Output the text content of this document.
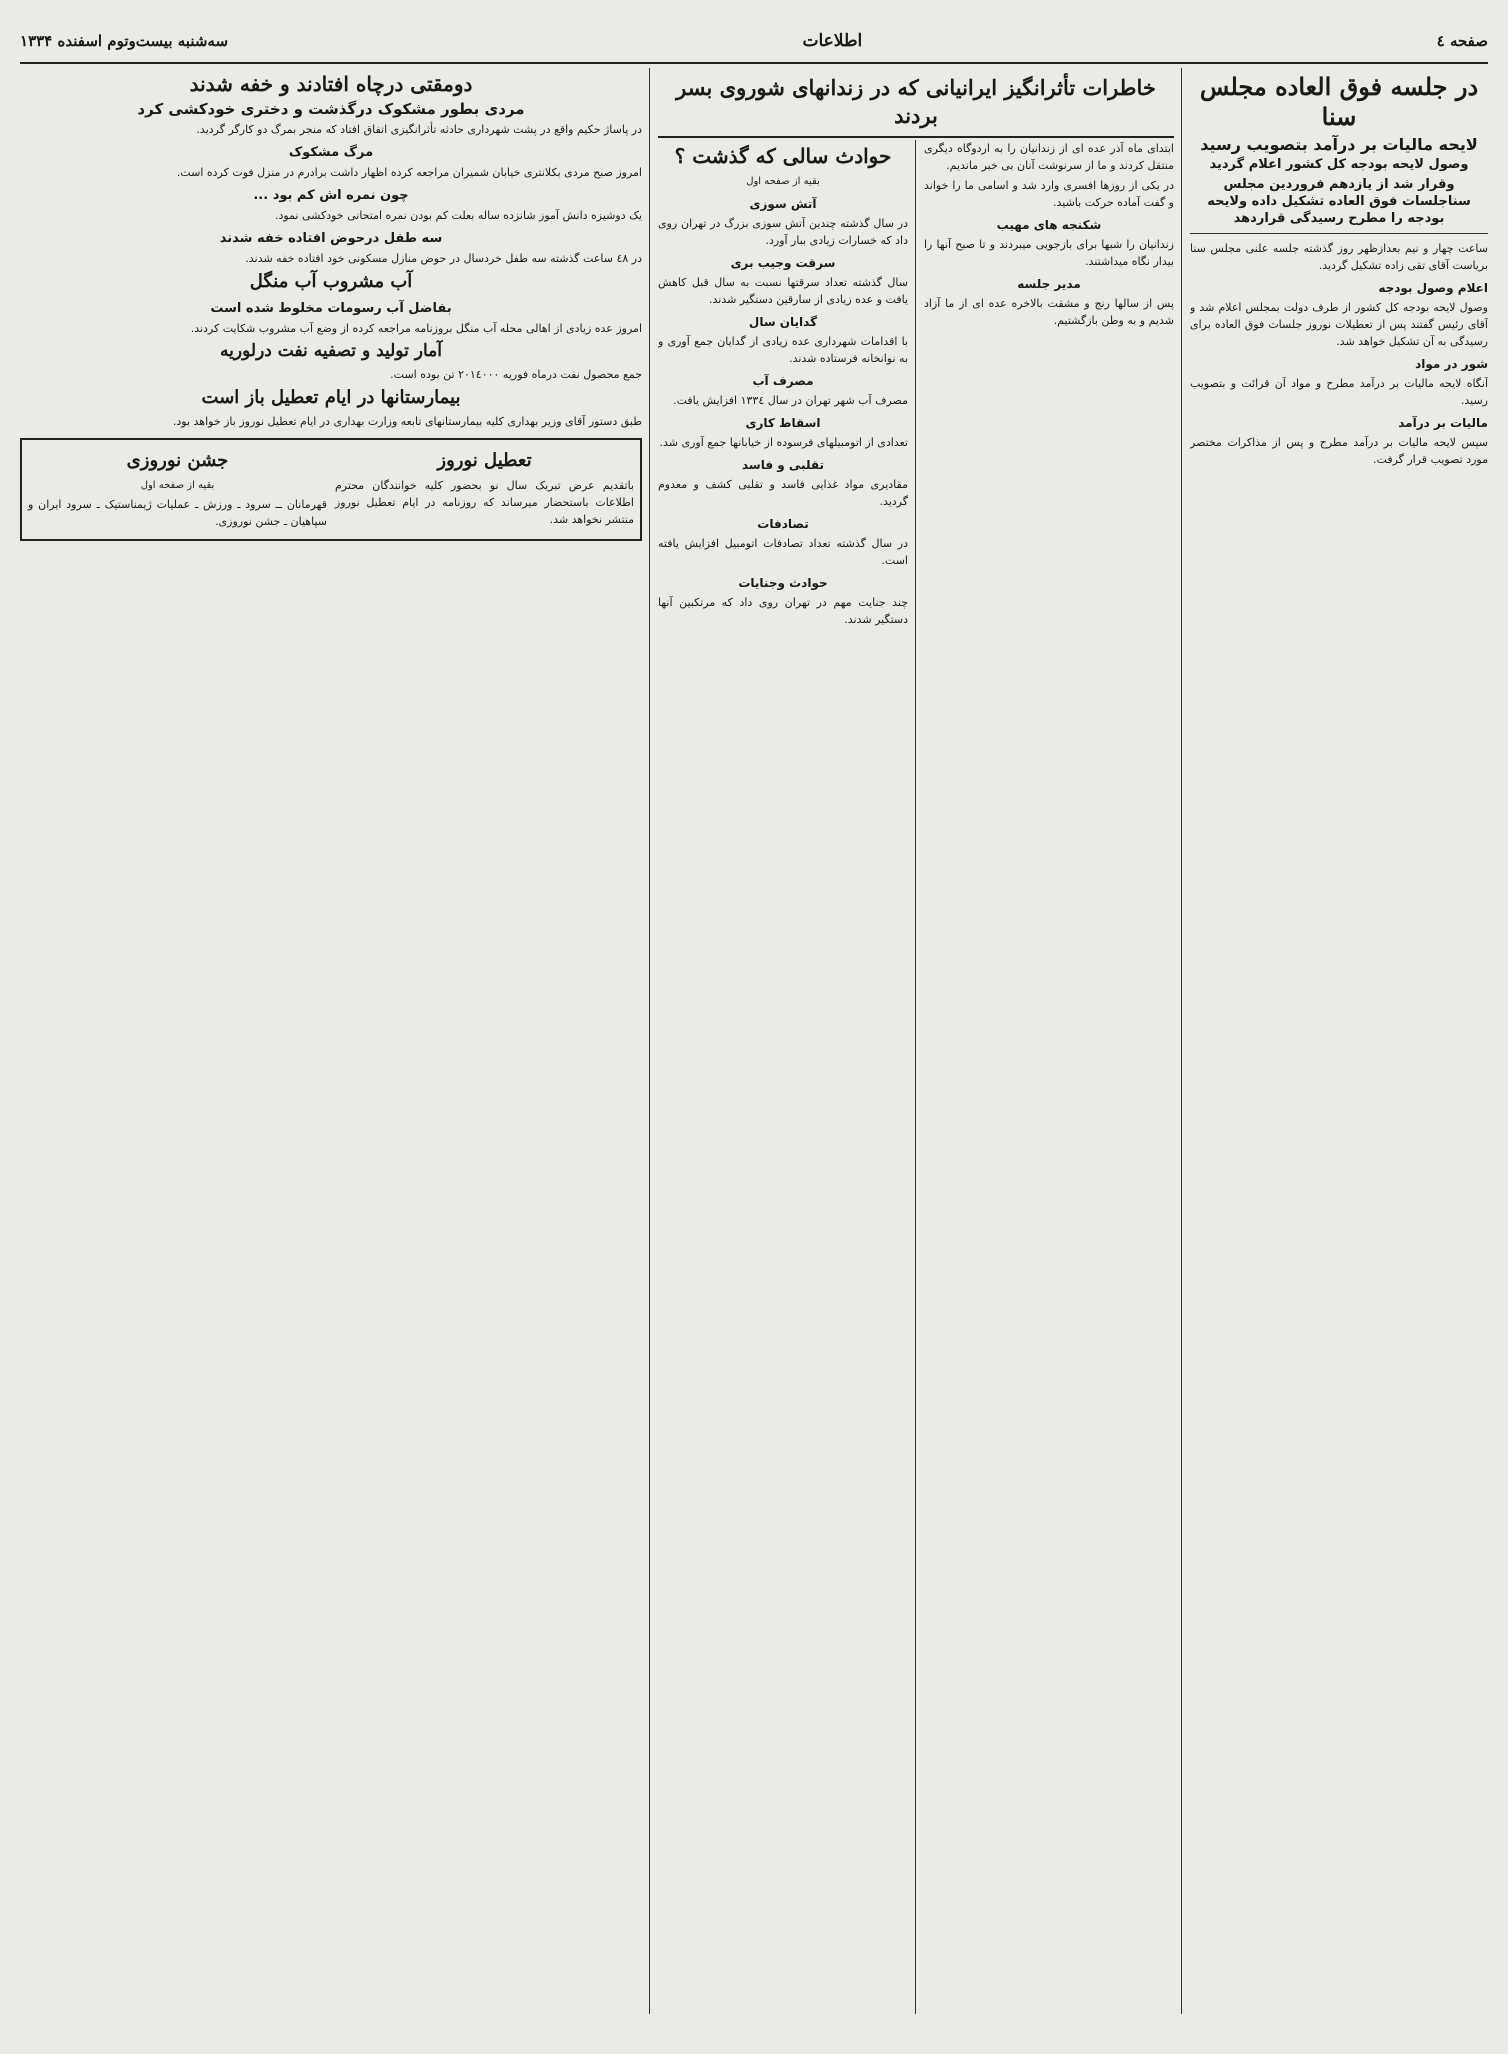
صفحه ٤
اطلاعات
سه‌شنبه بیست‌وتوم اسفنده ۱۳۳۴
در جلسه فوق العاده مجلس سنا
لایحه مالیات بر درآمد بتصویب رسید
وصول لایحه بودجه کل کشور اعلام گردید
وقرار شد از یازدهم فروردین مجلس سناجلسات فوق العاده تشکیل داده ولایحه بودجه را مطرح رسیدگی قراردهد

ساعت چهار و نیم بعدازظهر روز گذشته جلسه علنی مجلس سنا بریاست آقای تقی زاده تشکیل گردید.

اعلام وصول بودجه

وصول لایحه بودجه کل کشور از طرف دولت بمجلس اعلام شد و آقای رئیس گفتند پس از تعطیلات نوروز جلسات فوق العاده برای رسیدگی به آن تشکیل خواهد شد.

شور در مواد

آنگاه لایحه مالیات بر درآمد مطرح و مواد آن قرائت و بتصویب رسید.

مالیات بر درآمد

سپس لایحه مالیات بر درآمد مطرح و پس از مذاکرات مختصر مورد تصویب قرار گرفت.

خاطرات تأثرانگیز ایرانیانی که در زندانهای شوروی بسر بردند

ابتدای ماه آذر عده ای از زندانیان را به اردوگاه دیگری منتقل کردند و ما از سرنوشت آنان بی خبر ماندیم.

در یکی از روزها افسری وارد شد و اسامی ما را خواند و گفت آماده حرکت باشید.

شکنجه های مهیب

زندانیان را شبها برای بازجویی میبردند و تا صبح آنها را بیدار نگاه میداشتند.

مدیر جلسه

پس از سالها رنج و مشقت بالاخره عده ای از ما آزاد شدیم و به وطن بازگشتیم.

حوادث سالی که گذشت ؟
بقیه از صفحه اول
آتش سوزی

در سال گذشته چندین آتش سوزی بزرگ در تهران روی داد که خسارات زیادی ببار آورد.

سرقت وجیب بری

سال گذشته تعداد سرقتها نسبت به سال قبل کاهش یافت و عده زیادی از سارقین دستگیر شدند.

گدایان سال

با اقدامات شهرداری عده زیادی از گدایان جمع آوری و به نوانخانه فرستاده شدند.

مصرف آب

مصرف آب شهر تهران در سال ۱۳۳٤ افزایش یافت.

اسقاط کاری

تعدادی از اتومبیلهای فرسوده از خیابانها جمع آوری شد.

تقلبی و فاسد

مقادیری مواد غذایی فاسد و تقلبی کشف و معدوم گردید.

تصادفات

در سال گذشته تعداد تصادفات اتومبیل افزایش یافته است.

حوادث وجنایات

چند جنایت مهم در تهران روی داد که مرتکبین آنها دستگیر شدند.

دومقتی درچاه افتادند و خفه شدند
مردی بطور مشکوک درگذشت و دختری خودکشی کرد

در پاساژ حکیم واقع در پشت شهرداری حادثه تأثرانگیزی اتفاق افتاد که منجر بمرگ دو کارگر گردید.

مرگ مشکوک

امروز صبح مردی بکلانتری خیابان شمیران مراجعه کرده اظهار داشت برادرم در منزل فوت کرده است.

چون نمره اش کم بود ...

یک دوشیزه دانش آموز شانزده ساله بعلت کم بودن نمره امتحانی خودکشی نمود.

سه طفل درحوض افتاده خفه شدند

در ٤۸ ساعت گذشته سه طفل خردسال در حوض منازل مسکونی خود افتاده خفه شدند.

آب مشروب آب منگل
بفاضل آب رسومات مخلوط شده است

امروز عده زیادی از اهالی محله آب منگل بروزنامه مراجعه کرده از وضع آب مشروب شکایت کردند.

آمار تولید و تصفیه نفت درلوریه

جمع محصول نفت درماه فوریه ۲۰۱٤۰۰۰ تن بوده است.

بیمارستانها در ایام تعطیل باز است

طبق دستور آقای وزیر بهداری کلیه بیمارستانهای تابعه وزارت بهداری در ایام تعطیل نوروز باز خواهد بود.

تعطیل نوروز

باتقدیم عرض تبریک سال نو بحضور کلیه خوانندگان محترم اطلاعات باستحضار میرساند که روزنامه در ایام تعطیل نوروز منتشر نخواهد شد.

جشن نوروزی
بقیه از صفحه اول

قهرمانان ــ سرود ـ ورزش ـ عملیات ژیمناستیک ـ سرود ایران و سپاهیان ـ جشن نوروزی.
